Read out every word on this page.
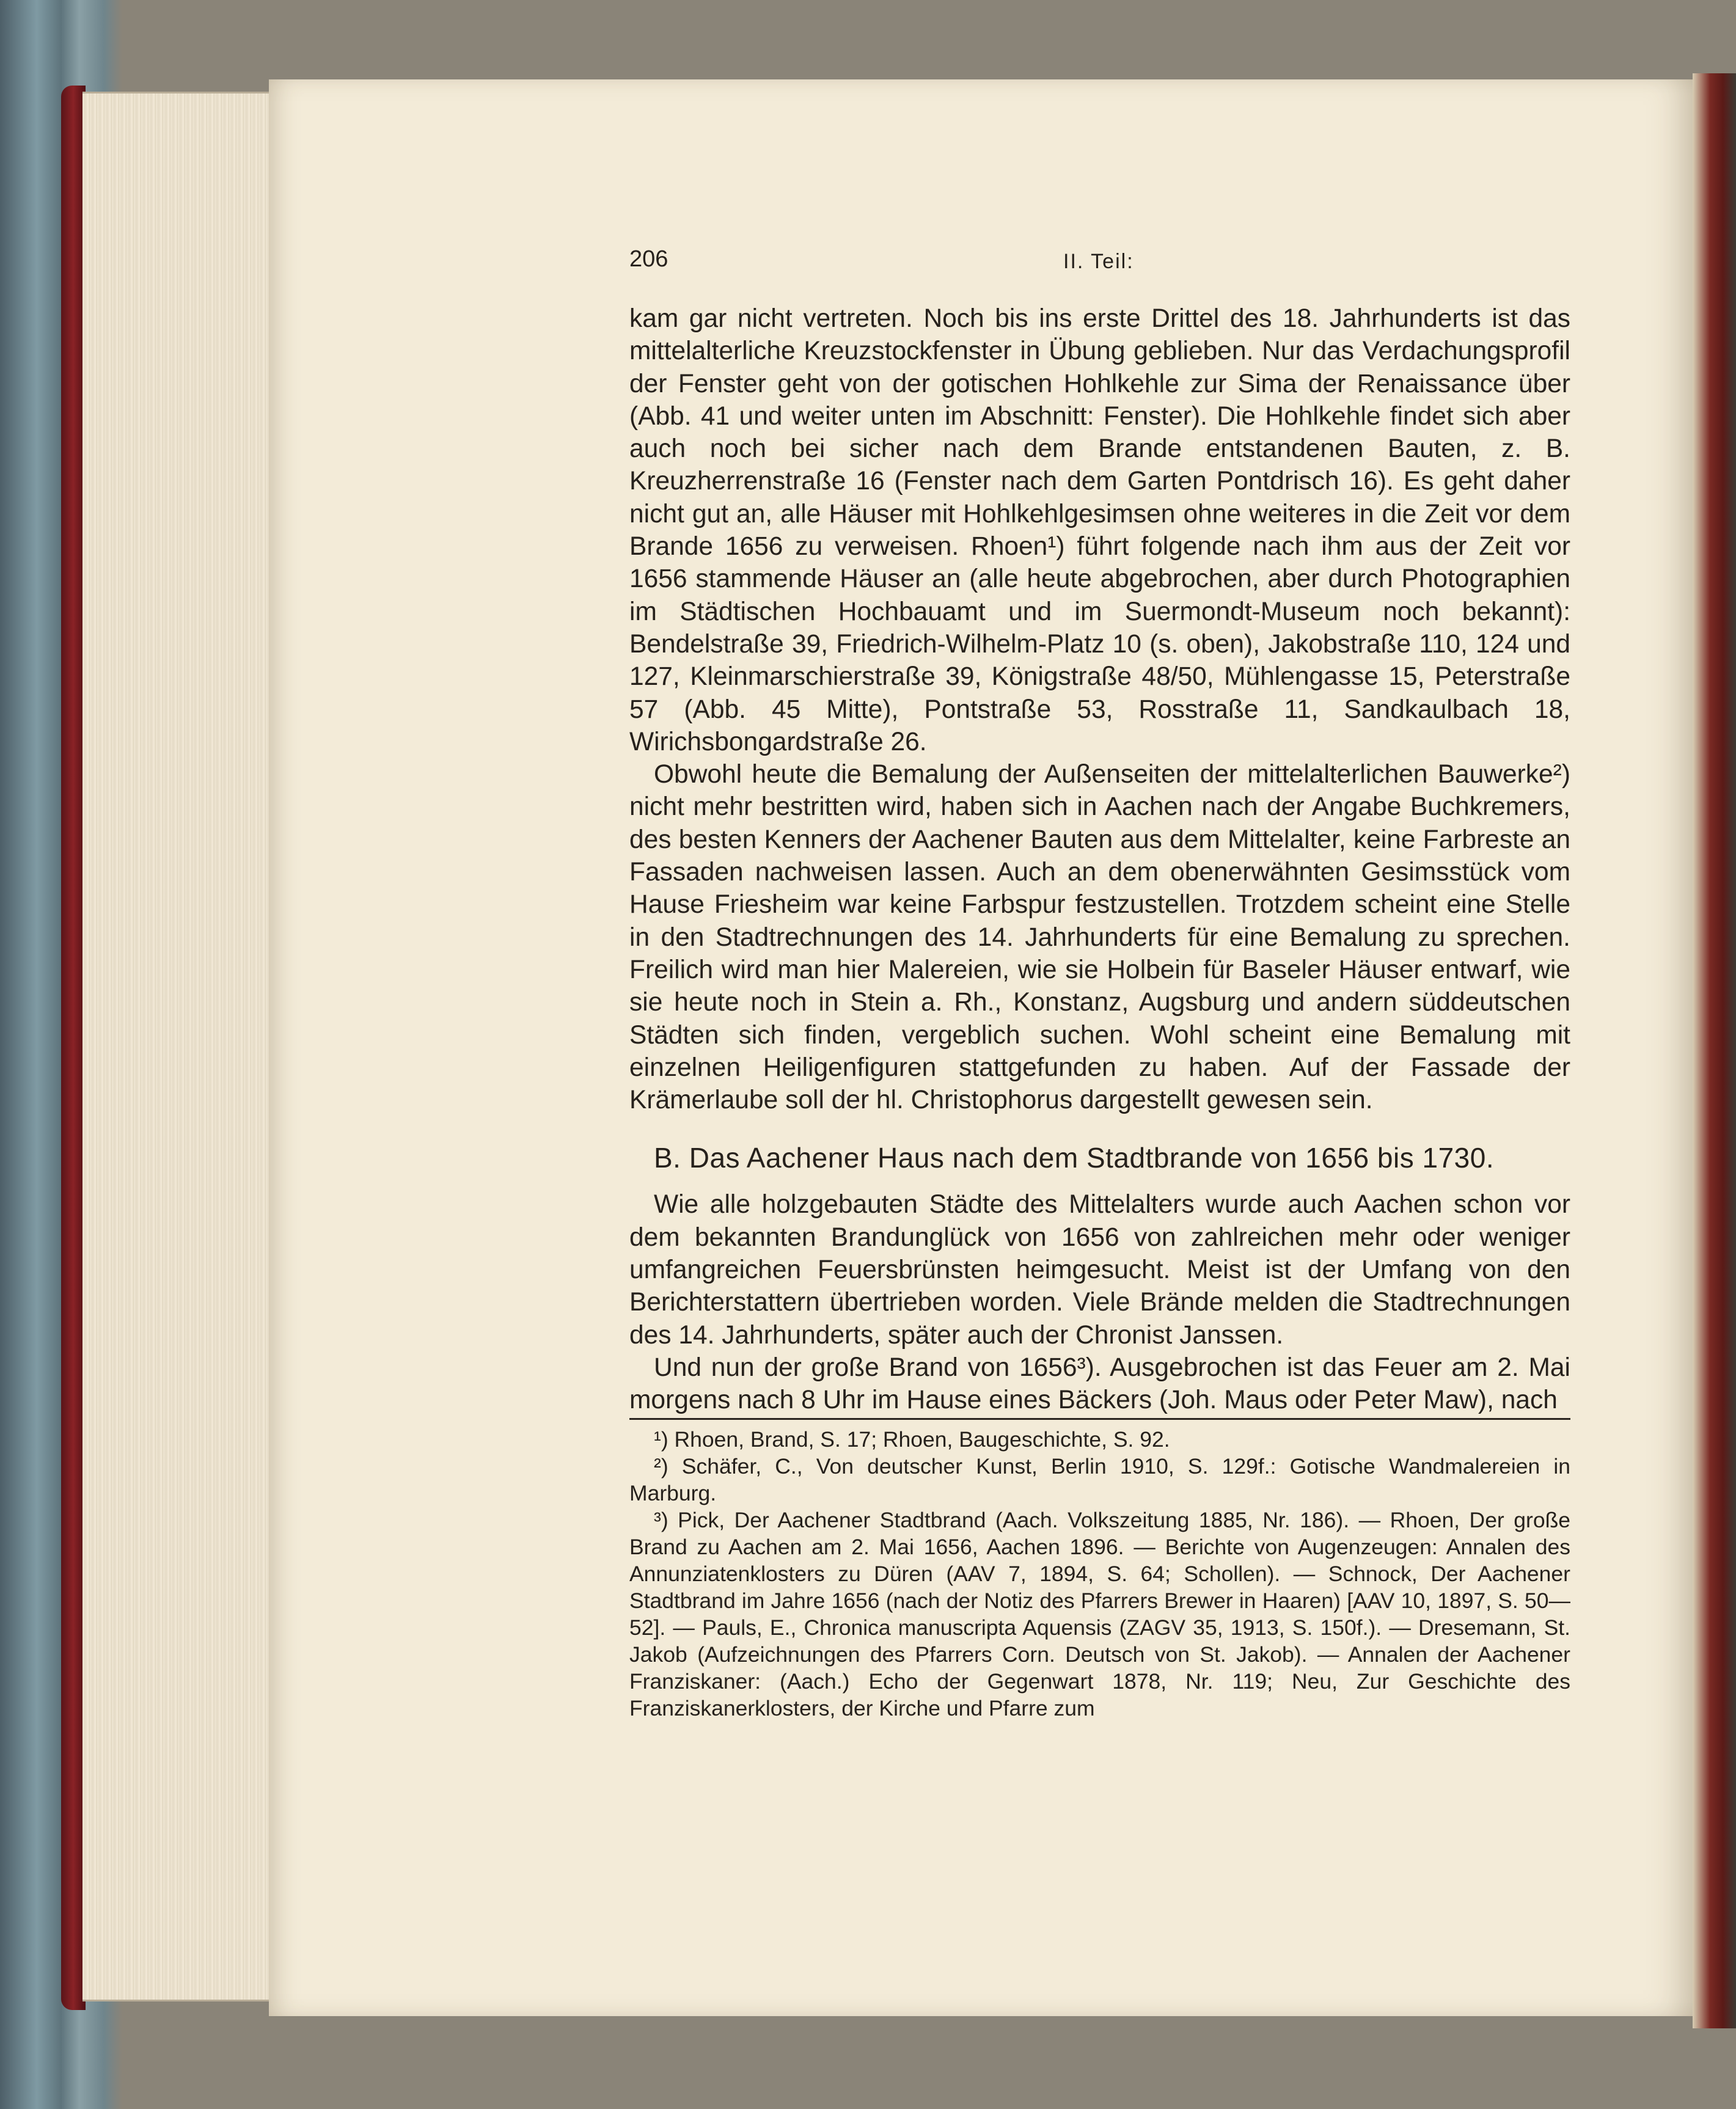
206	II. Teil:

kam gar nicht vertreten. Noch bis ins erste Drittel des 18. Jahrhunderts ist das mittelalterliche Kreuzstockfenster in Übung geblieben. Nur das Verdachungsprofil der Fenster geht von der gotischen Hohlkehle zur Sima der Renaissance über (Abb. 41 und weiter unten im Abschnitt: Fenster). Die Hohlkehle findet sich aber auch noch bei sicher nach dem Brande entstandenen Bauten, z. B. Kreuzherrenstraße 16 (Fenster nach dem Garten Pontdrisch 16). Es geht daher nicht gut an, alle Häuser mit Hohlkehlgesimsen ohne weiteres in die Zeit vor dem Brande 1656 zu verweisen. Rhoen¹) führt folgende nach ihm aus der Zeit vor 1656 stammende Häuser an (alle heute abgebrochen, aber durch Photographien im Städtischen Hochbauamt und im Suermondt-Museum noch bekannt): Bendelstraße 39, Friedrich-Wilhelm-Platz 10 (s. oben), Jakobstraße 110, 124 und 127, Kleinmarschierstraße 39, Königstraße 48/50, Mühlengasse 15, Peterstraße 57 (Abb. 45 Mitte), Pontstraße 53, Rosstraße 11, Sandkaulbach 18, Wirichsbongardstraße 26.

Obwohl heute die Bemalung der Außenseiten der mittelalterlichen Bauwerke²) nicht mehr bestritten wird, haben sich in Aachen nach der Angabe Buchkremers, des besten Kenners der Aachener Bauten aus dem Mittelalter, keine Farbreste an Fassaden nachweisen lassen. Auch an dem obenerwähnten Gesimsstück vom Hause Friesheim war keine Farbspur festzustellen. Trotzdem scheint eine Stelle in den Stadtrechnungen des 14. Jahrhunderts für eine Bemalung zu sprechen. Freilich wird man hier Malereien, wie sie Holbein für Baseler Häuser entwarf, wie sie heute noch in Stein a. Rh., Konstanz, Augsburg und andern süddeutschen Städten sich finden, vergeblich suchen. Wohl scheint eine Bemalung mit einzelnen Heiligenfiguren stattgefunden zu haben. Auf der Fassade der Krämerlaube soll der hl. Christophorus dargestellt gewesen sein.

B. Das Aachener Haus nach dem Stadtbrande von 1656 bis 1730.

Wie alle holzgebauten Städte des Mittelalters wurde auch Aachen schon vor dem bekannten Brandunglück von 1656 von zahlreichen mehr oder weniger umfangreichen Feuersbrünsten heimgesucht. Meist ist der Umfang von den Berichterstattern übertrieben worden. Viele Brände melden die Stadtrechnungen des 14. Jahrhunderts, später auch der Chronist Janssen.

Und nun der große Brand von 1656³). Ausgebrochen ist das Feuer am 2. Mai morgens nach 8 Uhr im Hause eines Bäckers (Joh. Maus oder Peter Maw), nach

¹) Rhoen, Brand, S. 17; Rhoen, Baugeschichte, S. 92.

²) Schäfer, C., Von deutscher Kunst, Berlin 1910, S. 129f.: Gotische Wandmalereien in Marburg.

³) Pick, Der Aachener Stadtbrand (Aach. Volkszeitung 1885, Nr. 186). — Rhoen, Der große Brand zu Aachen am 2. Mai 1656, Aachen 1896. — Berichte von Augenzeugen: Annalen des Annunziatenklosters zu Düren (AAV 7, 1894, S. 64; Schollen). — Schnock, Der Aachener Stadtbrand im Jahre 1656 (nach der Notiz des Pfarrers Brewer in Haaren) [AAV 10, 1897, S. 50—52]. — Pauls, E., Chronica manuscripta Aquensis (ZAGV 35, 1913, S. 150f.). — Dresemann, St. Jakob (Aufzeichnungen des Pfarrers Corn. Deutsch von St. Jakob). — Annalen der Aachener Franziskaner: (Aach.) Echo der Gegenwart 1878, Nr. 119; Neu, Zur Geschichte des Franziskanerklosters, der Kirche und Pfarre zum
